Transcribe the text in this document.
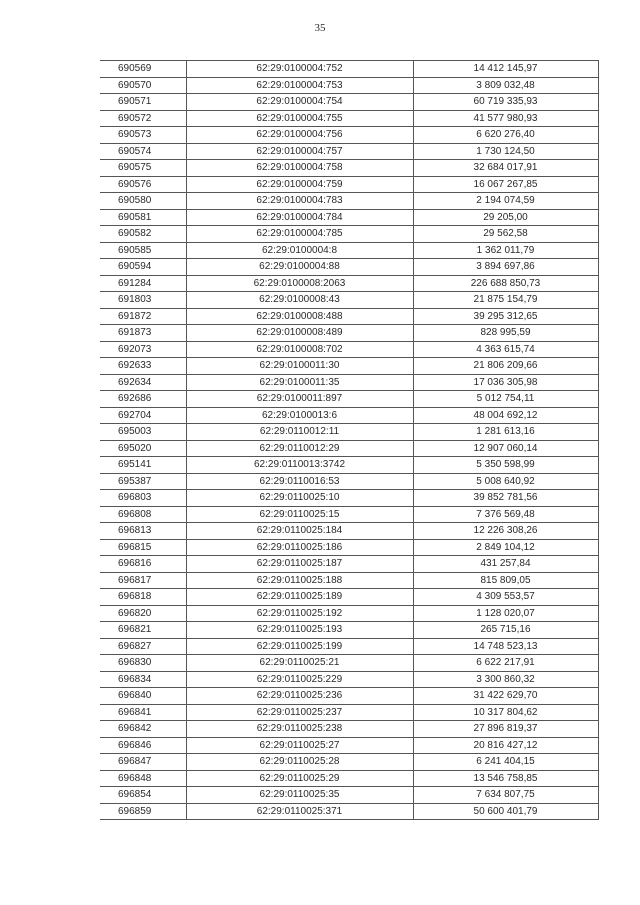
35
690569	62:29:0100004:752	14 412 145,97
690570	62:29:0100004:753	3 809 032,48
690571	62:29:0100004:754	60 719 335,93
690572	62:29:0100004:755	41 577 980,93
690573	62:29:0100004:756	6 620 276,40
690574	62:29:0100004:757	1 730 124,50
690575	62:29:0100004:758	32 684 017,91
690576	62:29:0100004:759	16 067 267,85
690580	62:29:0100004:783	2 194 074,59
690581	62:29:0100004:784	29 205,00
690582	62:29:0100004:785	29 562,58
690585	62:29:0100004:8	1 362 011,79
690594	62:29:0100004:88	3 894 697,86
691284	62:29:0100008:2063	226 688 850,73
691803	62:29:0100008:43	21 875 154,79
691872	62:29:0100008:488	39 295 312,65
691873	62:29:0100008:489	828 995,59
692073	62:29:0100008:702	4 363 615,74
692633	62:29:0100011:30	21 806 209,66
692634	62:29:0100011:35	17 036 305,98
692686	62:29:0100011:897	5 012 754,11
692704	62:29:0100013:6	48 004 692,12
695003	62:29:0110012:11	1 281 613,16
695020	62:29:0110012:29	12 907 060,14
695141	62:29:0110013:3742	5 350 598,99
695387	62:29:0110016:53	5 008 640,92
696803	62:29:0110025:10	39 852 781,56
696808	62:29:0110025:15	7 376 569,48
696813	62:29:0110025:184	12 226 308,26
696815	62:29:0110025:186	2 849 104,12
696816	62:29:0110025:187	431 257,84
696817	62:29:0110025:188	815 809,05
696818	62:29:0110025:189	4 309 553,57
696820	62:29:0110025:192	1 128 020,07
696821	62:29:0110025:193	265 715,16
696827	62:29:0110025:199	14 748 523,13
696830	62:29:0110025:21	6 622 217,91
696834	62:29:0110025:229	3 300 860,32
696840	62:29:0110025:236	31 422 629,70
696841	62:29:0110025:237	10 317 804,62
696842	62:29:0110025:238	27 896 819,37
696846	62:29:0110025:27	20 816 427,12
696847	62:29:0110025:28	6 241 404,15
696848	62:29:0110025:29	13 546 758,85
696854	62:29:0110025:35	7 634 807,75
696859	62:29:0110025:371	50 600 401,79
